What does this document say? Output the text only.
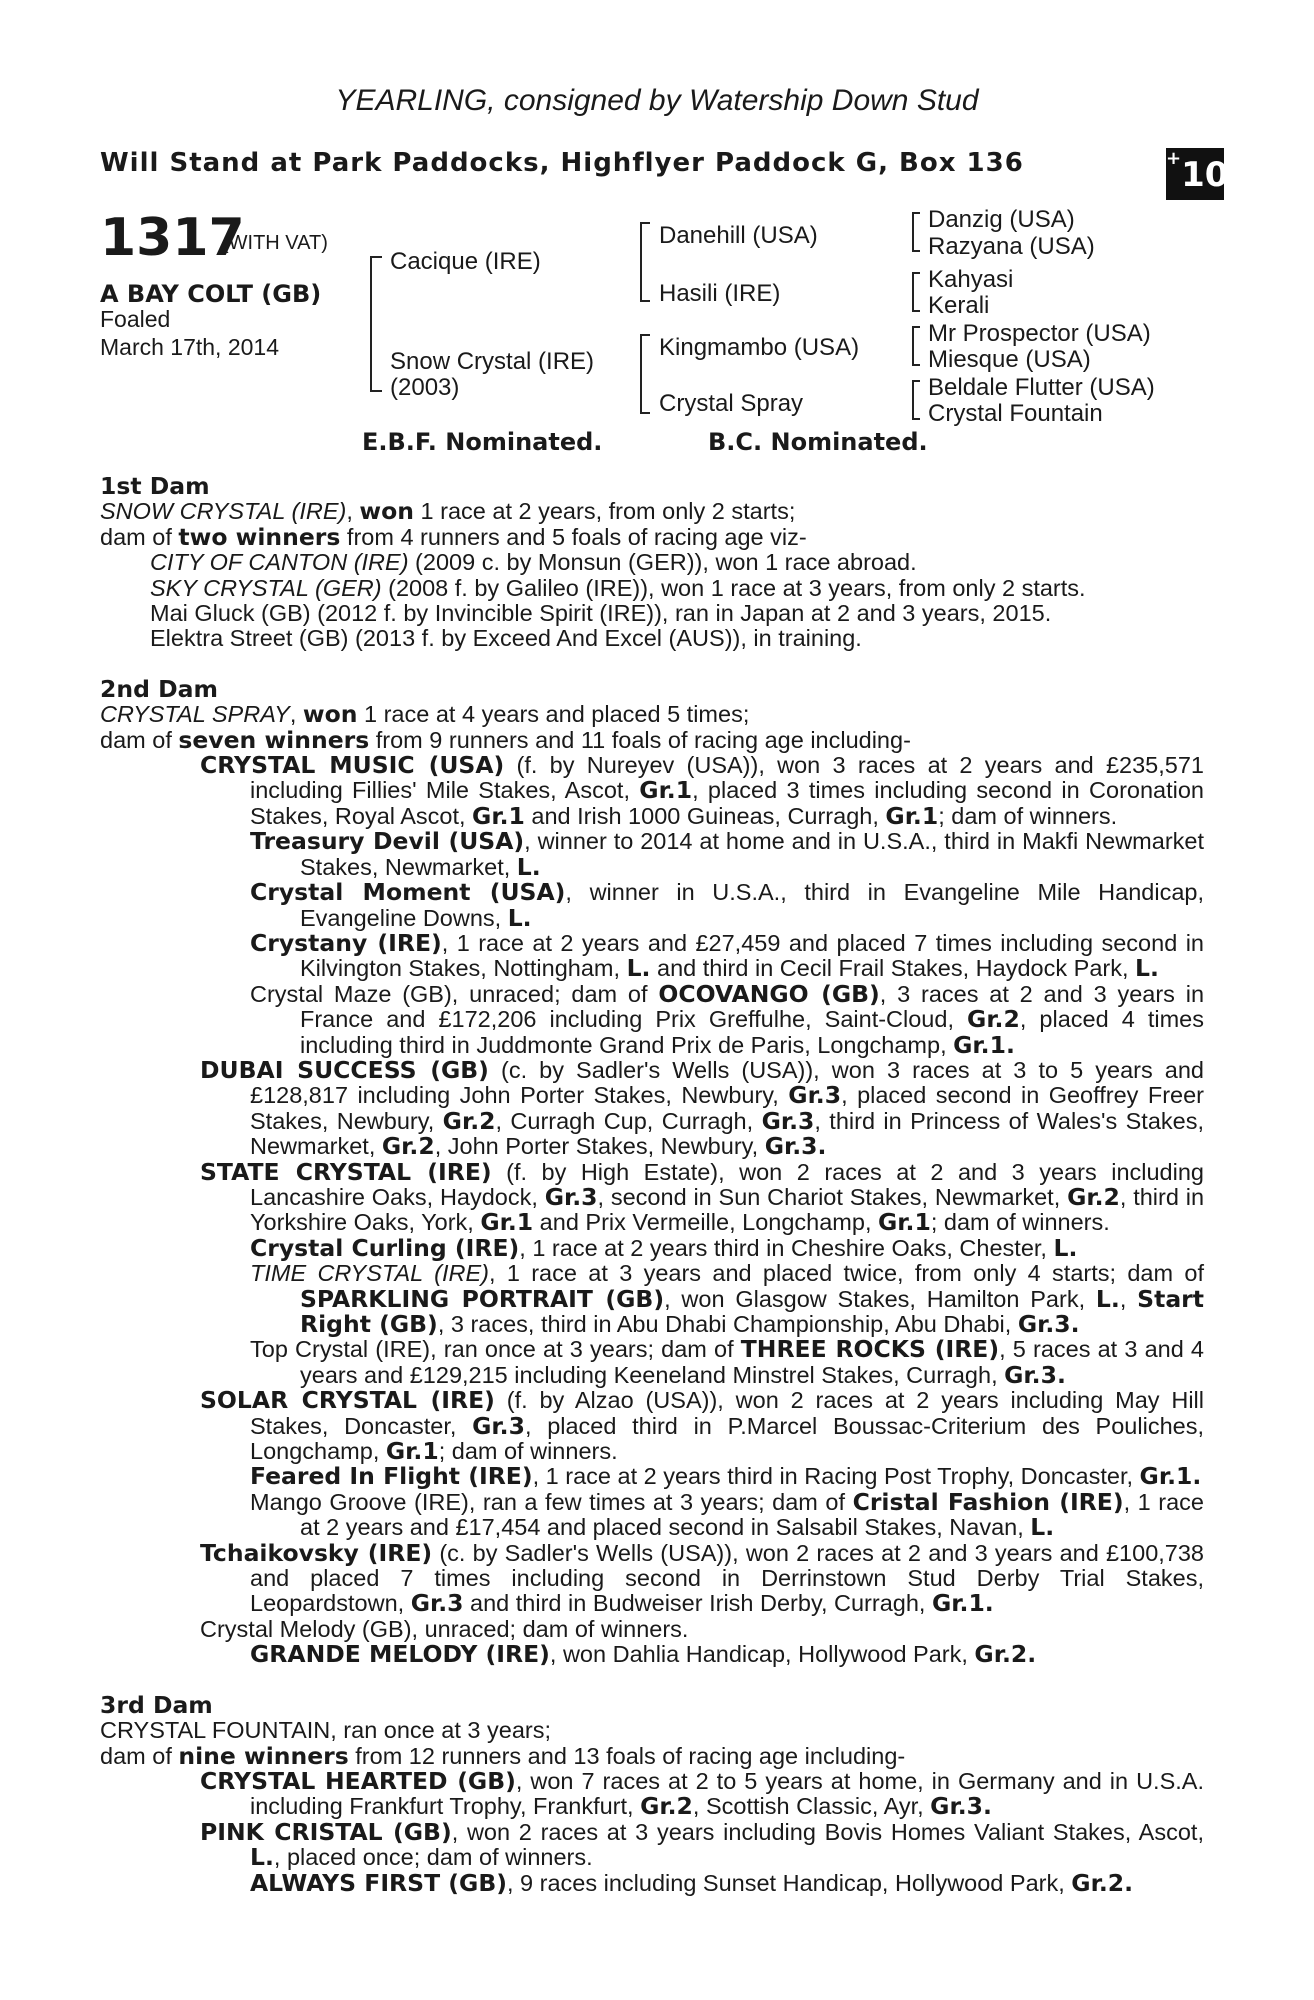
YEARLING, consigned by Watership Down Stud
Will Stand at Park Paddocks, Highflyer Paddock G, Box 136	+10
1317
(WITH VAT)
A BAY COLT (GB)
Foaled
March 17th, 2014
Cacique (IRE)
Snow Crystal (IRE)
(2003)
Danehill (USA)
Hasili (IRE)
Kingmambo (USA)
Crystal Spray
Danzig (USA)
Razyana (USA)
Kahyasi
Kerali
Mr Prospector (USA)
Miesque (USA)
Beldale Flutter (USA)
Crystal Fountain
E.B.F. Nominated.	B.C. Nominated.

1st Dam

SNOW CRYSTAL (IRE), won 1 race at 2 years, from only 2 starts;

dam of two winners from 4 runners and 5 foals of racing age viz-

CITY OF CANTON (IRE) (2009 c. by Monsun (GER)), won 1 race abroad.

SKY CRYSTAL (GER) (2008 f. by Galileo (IRE)), won 1 race at 3 years, from only 2 starts.

Mai Gluck (GB) (2012 f. by Invincible Spirit (IRE)), ran in Japan at 2 and 3 years, 2015.

Elektra Street (GB) (2013 f. by Exceed And Excel (AUS)), in training.

2nd Dam

CRYSTAL SPRAY, won 1 race at 4 years and placed 5 times;

dam of seven winners from 9 runners and 11 foals of racing age including-

CRYSTAL MUSIC (USA) (f. by Nureyev (USA)), won 3 races at 2 years and £235,571 including Fillies' Mile Stakes, Ascot, Gr.1, placed 3 times including second in Coronation Stakes, Royal Ascot, Gr.1 and Irish 1000 Guineas, Curragh, Gr.1; dam of winners.

Treasury Devil (USA), winner to 2014 at home and in U.S.A., third in Makfi Newmarket Stakes, Newmarket, L.

Crystal Moment (USA), winner in U.S.A., third in Evangeline Mile Handicap, Evangeline Downs, L.

Crystany (IRE), 1 race at 2 years and £27,459 and placed 7 times including second in Kilvington Stakes, Nottingham, L. and third in Cecil Frail Stakes, Haydock Park, L.

Crystal Maze (GB), unraced; dam of OCOVANGO (GB), 3 races at 2 and 3 years in France and £172,206 including Prix Greffulhe, Saint-Cloud, Gr.2, placed 4 times including third in Juddmonte Grand Prix de Paris, Longchamp, Gr.1.

DUBAI SUCCESS (GB) (c. by Sadler's Wells (USA)), won 3 races at 3 to 5 years and £128,817 including John Porter Stakes, Newbury, Gr.3, placed second in Geoffrey Freer Stakes, Newbury, Gr.2, Curragh Cup, Curragh, Gr.3, third in Princess of Wales's Stakes, Newmarket, Gr.2, John Porter Stakes, Newbury, Gr.3.

STATE CRYSTAL (IRE) (f. by High Estate), won 2 races at 2 and 3 years including Lancashire Oaks, Haydock, Gr.3, second in Sun Chariot Stakes, Newmarket, Gr.2, third in Yorkshire Oaks, York, Gr.1 and Prix Vermeille, Longchamp, Gr.1; dam of winners.

Crystal Curling (IRE), 1 race at 2 years third in Cheshire Oaks, Chester, L.

TIME CRYSTAL (IRE), 1 race at 3 years and placed twice, from only 4 starts; dam of SPARKLING PORTRAIT (GB), won Glasgow Stakes, Hamilton Park, L., Start Right (GB), 3 races, third in Abu Dhabi Championship, Abu Dhabi, Gr.3.

Top Crystal (IRE), ran once at 3 years; dam of THREE ROCKS (IRE), 5 races at 3 and 4 years and £129,215 including Keeneland Minstrel Stakes, Curragh, Gr.3.

SOLAR CRYSTAL (IRE) (f. by Alzao (USA)), won 2 races at 2 years including May Hill Stakes, Doncaster, Gr.3, placed third in P.Marcel Boussac-Criterium des Pouliches, Longchamp, Gr.1; dam of winners.

Feared In Flight (IRE), 1 race at 2 years third in Racing Post Trophy, Doncaster, Gr.1.

Mango Groove (IRE), ran a few times at 3 years; dam of Cristal Fashion (IRE), 1 race at 2 years and £17,454 and placed second in Salsabil Stakes, Navan, L.

Tchaikovsky (IRE) (c. by Sadler's Wells (USA)), won 2 races at 2 and 3 years and £100,738 and placed 7 times including second in Derrinstown Stud Derby Trial Stakes, Leopardstown, Gr.3 and third in Budweiser Irish Derby, Curragh, Gr.1.

Crystal Melody (GB), unraced; dam of winners.

GRANDE MELODY (IRE), won Dahlia Handicap, Hollywood Park, Gr.2.

3rd Dam

CRYSTAL FOUNTAIN, ran once at 3 years;

dam of nine winners from 12 runners and 13 foals of racing age including-

CRYSTAL HEARTED (GB), won 7 races at 2 to 5 years at home, in Germany and in U.S.A. including Frankfurt Trophy, Frankfurt, Gr.2, Scottish Classic, Ayr, Gr.3.

PINK CRISTAL (GB), won 2 races at 3 years including Bovis Homes Valiant Stakes, Ascot, L., placed once; dam of winners.

ALWAYS FIRST (GB), 9 races including Sunset Handicap, Hollywood Park, Gr.2.
